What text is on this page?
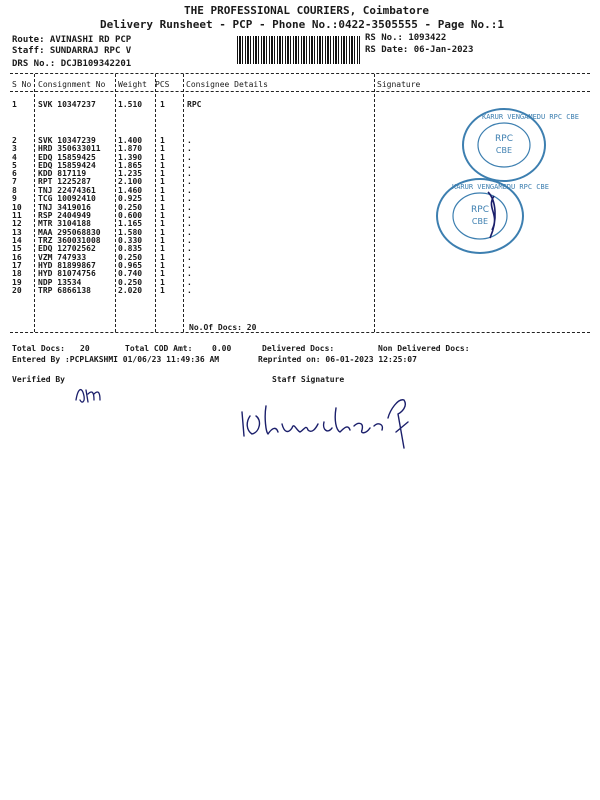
THE PROFESSIONAL COURIERS, Coimbatore
Delivery Runsheet - PCP - Phone No.:0422-3505555 - Page No.:1
Route: AVINASHI RD PCP
Staff: SUNDARRAJ RPC V
DRS No.: DCJB109342201
RS No.: 1093422
RS Date: 06-Jan-2023
S No Consignment No Weight PCS Consignee Details	Signature
1	SVK 10347237	1.510 1	RPC
2	SVK 10347239	1.400 1	.
3	HRD 350633011 1.870 1	.
4	EDQ 15859425	1.390 1	.
5	EDQ 15859424	1.865 1	.
6	KDD 817119	1.235 1	.
7	RPT 1225287	2.100 1	.
8	TNJ 22474361	1.460 1	.
9	TCG 10092410	0.925 1	.
10 TNJ 3419016	0.250 1	.
11 RSP 2404949	0.600 1	.
12 MTR 3104188	1.165 1	.
13 MAA 295068830 1.580 1	.
14 TRZ 360031008 0.330 1	.
15 EDQ 12702562	0.835 1	.
16 VZM 747933	0.250 1	.
17 HYD 81899867	0.965 1	.
18 HYD 81074756	0.740 1	.
19 NDP 13534	0.250 1	.
20 TRP 6866138	2.020 1	.
No.Of Docs: 20
RPC
CBE
KARUR VENGAMEDU RPC CBE
RPC
CBE
KARUR VENGAMEDU RPC CBE
Total Docs: 20	Total COD Amt: 0.00	Delivered Docs:	Non Delivered Docs:
Entered By :PCPLAKSHMI 01/06/23 11:49:36 AM	Reprinted on: 06-01-2023 12:25:07
Verified By	Staff Signature
